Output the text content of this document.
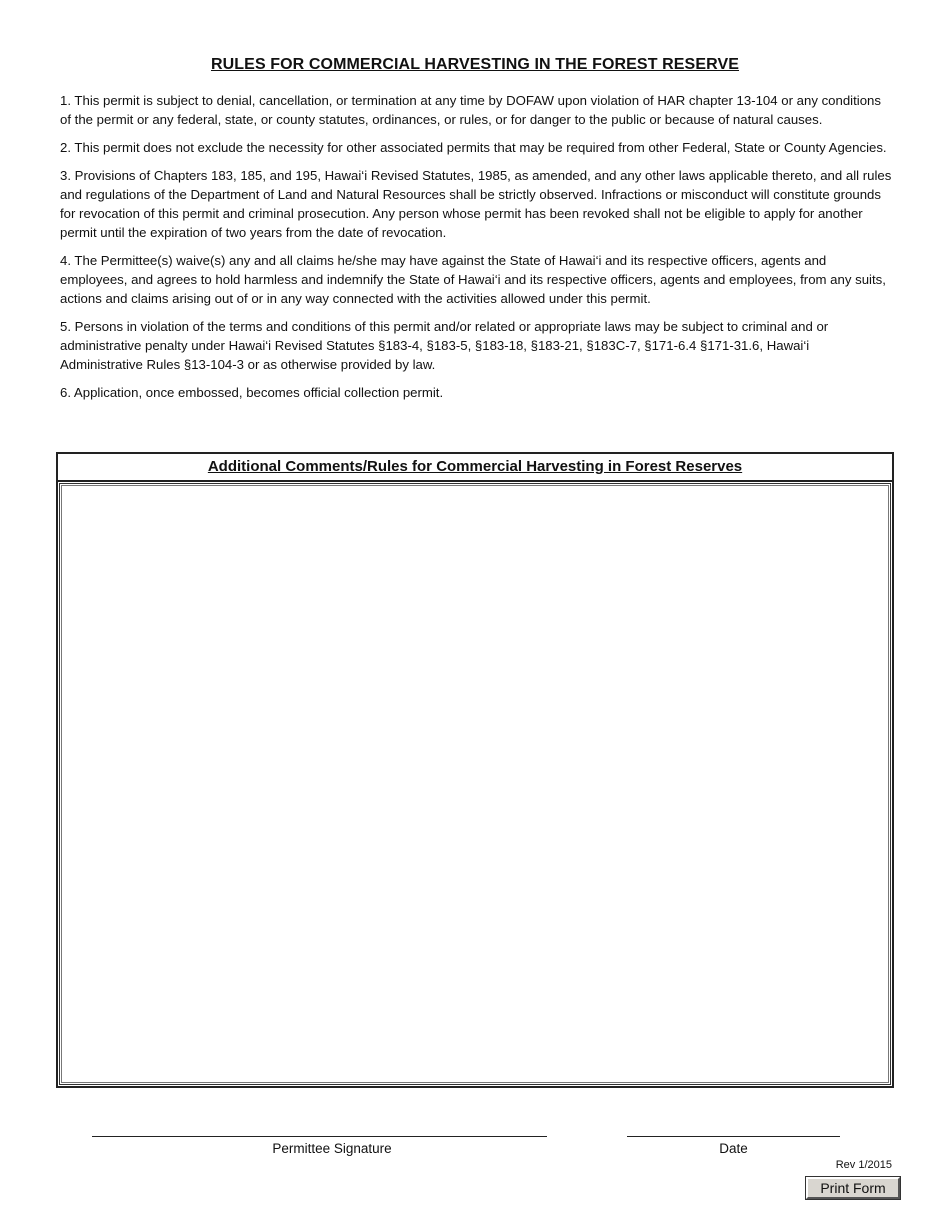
RULES FOR COMMERCIAL HARVESTING IN THE FOREST RESERVE

1. This permit is subject to denial, cancellation, or termination at any time by DOFAW upon violation of HAR chapter 13-104 or any conditions of the permit or any federal, state, or county statutes, ordinances, or rules, or for danger to the public or because of natural causes.

2. This permit does not exclude the necessity for other associated permits that may be required from other Federal, State or County Agencies.

3. Provisions of Chapters 183, 185, and 195, Hawai‘i Revised Statutes, 1985, as amended, and any other laws applicable thereto, and all rules and regulations of the Department of Land and Natural Resources shall be strictly observed. Infractions or misconduct will constitute grounds for revocation of this permit and criminal prosecution. Any person whose permit has been revoked shall not be eligible to apply for another permit until the expiration of two years from the date of revocation.

4. The Permittee(s) waive(s) any and all claims he/she may have against the State of Hawai‘i and its respective officers, agents and employees, and agrees to hold harmless and indemnify the State of Hawai‘i and its respective officers, agents and employees, from any suits, actions and claims arising out of or in any way connected with the activities allowed under this permit.

5. Persons in violation of the terms and conditions of this permit and/or related or appropriate laws may be subject to criminal and or administrative penalty under Hawai‘i Revised Statutes §183-4, §183-5, §183-18, §183-21, §183C-7, §171-6.4 §171-31.6, Hawai‘i Administrative Rules §13-104-3 or as otherwise provided by law.

6. Application, once embossed, becomes official collection permit.

Additional Comments/Rules for Commercial Harvesting in Forest Reserves
Permittee Signature	Date
Rev 1/2015
Print Form
